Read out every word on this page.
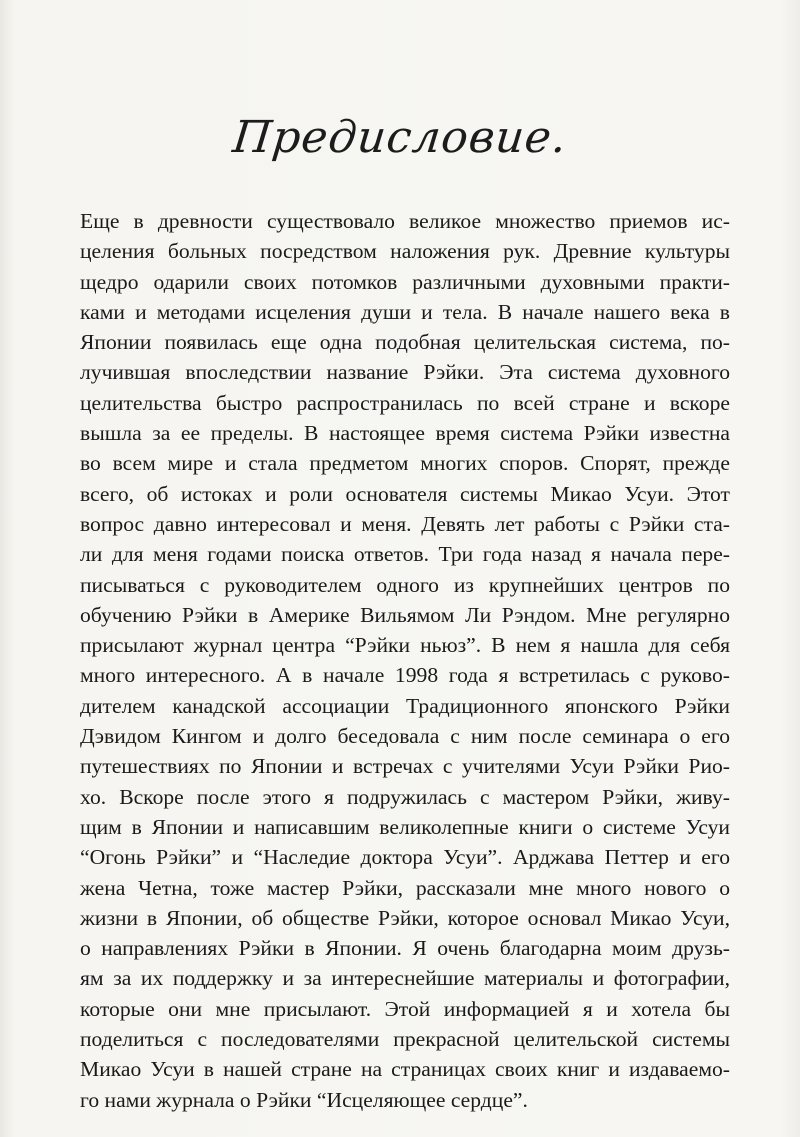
Предисловие.
Еще в древности существовало великое множество приемов ис-
целения больных посредством наложения рук. Древние культуры
щедро одарили своих потомков различными духовными практи-
ками и методами исцеления души и тела. В начале нашего века в
Японии появилась еще одна подобная целительская система, по-
лучившая впоследствии название Рэйки. Эта система духовного
целительства быстро распространилась по всей стране и вскоре
вышла за ее пределы. В настоящее время система Рэйки известна
во всем мире и стала предметом многих споров. Спорят, прежде
всего, об истоках и роли основателя системы Микао Усуи. Этот
вопрос давно интересовал и меня. Девять лет работы с Рэйки ста-
ли для меня годами поиска ответов. Три года назад я начала пере-
писываться с руководителем одного из крупнейших центров по
обучению Рэйки в Америке Вильямом Ли Рэндом. Мне регулярно
присылают журнал центра “Рэйки ньюз”. В нем я нашла для себя
много интересного. А в начале 1998 года я встретилась с руково-
дителем канадской ассоциации Традиционного японского Рэйки
Дэвидом Кингом и долго беседовала с ним после семинара о его
путешествиях по Японии и встречах с учителями Усуи Рэйки Рио-
хо. Вскоре после этого я подружилась с мастером Рэйки, живу-
щим в Японии и написавшим великолепные книги о системе Усуи
“Огонь Рэйки” и “Наследие доктора Усуи”. Арджава Петтер и его
жена Четна, тоже мастер Рэйки, рассказали мне много нового о
жизни в Японии, об обществе Рэйки, которое основал Микао Усуи,
о направлениях Рэйки в Японии. Я очень благодарна моим друзь-
ям за их поддержку и за интереснейшие материалы и фотографии,
которые они мне присылают. Этой информацией я и хотела бы
поделиться с последователями прекрасной целительской системы
Микао Усуи в нашей стране на страницах своих книг и издаваемо-
го нами журнала о Рэйки “Исцеляющее сердце”.
